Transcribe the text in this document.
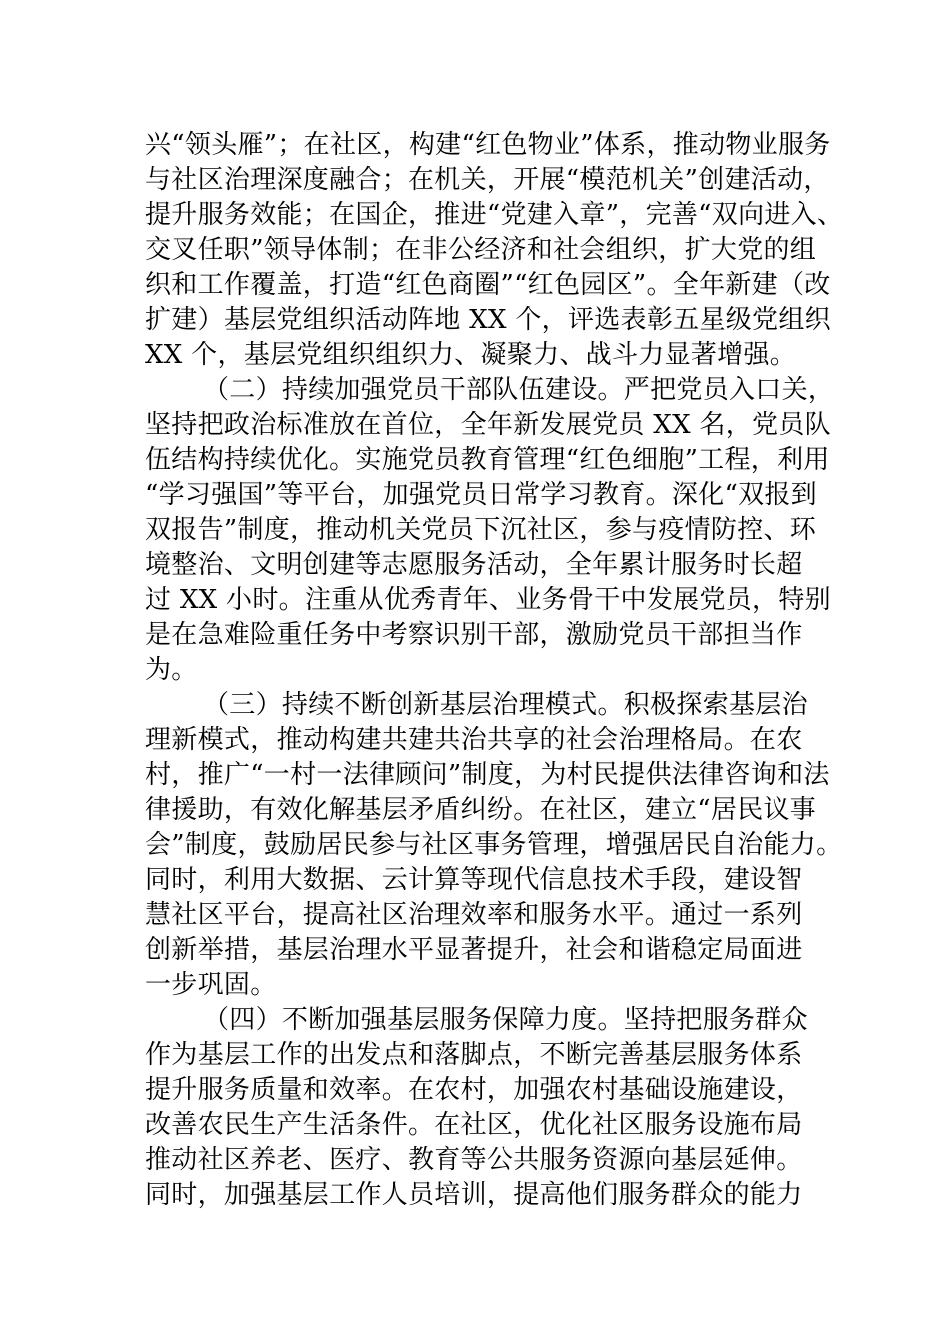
兴“领头雁”；在社区，构建“红色物业”体系，推动物业服务
与社区治理深度融合；在机关，开展“模范机关”创建活动，
提升服务效能；在国企，推进“党建入章”，完善“双向进入、
交叉任职”领导体制；在非公经济和社会组织，扩大党的组
织和工作覆盖，打造“红色商圈”“红色园区”。全年新建（改
扩建）基层党组织活动阵地 XX 个，评选表彰五星级党组织
XX 个，基层党组织组织力、凝聚力、战斗力显著增强。
（二）持续加强党员干部队伍建设。严把党员入口关，
坚持把政治标准放在首位，全年新发展党员 XX 名，党员队
伍结构持续优化。实施党员教育管理“红色细胞”工程，利用
“学习强国”等平台，加强党员日常学习教育。深化“双报到
双报告”制度，推动机关党员下沉社区，参与疫情防控、环
境整治、文明创建等志愿服务活动，全年累计服务时长超
过 XX 小时。注重从优秀青年、业务骨干中发展党员，特别
是在急难险重任务中考察识别干部，激励党员干部担当作
为。
（三）持续不断创新基层治理模式。积极探索基层治
理新模式，推动构建共建共治共享的社会治理格局。在农
村，推广“一村一法律顾问”制度，为村民提供法律咨询和法
律援助，有效化解基层矛盾纠纷。在社区，建立“居民议事
会”制度，鼓励居民参与社区事务管理，增强居民自治能力。
同时，利用大数据、云计算等现代信息技术手段，建设智
慧社区平台，提高社区治理效率和服务水平。通过一系列
创新举措，基层治理水平显著提升，社会和谐稳定局面进
一步巩固。
（四）不断加强基层服务保障力度。坚持把服务群众
作为基层工作的出发点和落脚点，不断完善基层服务体系
提升服务质量和效率。在农村，加强农村基础设施建设，
改善农民生产生活条件。在社区，优化社区服务设施布局
推动社区养老、医疗、教育等公共服务资源向基层延伸。
同时，加强基层工作人员培训，提高他们服务群众的能力
